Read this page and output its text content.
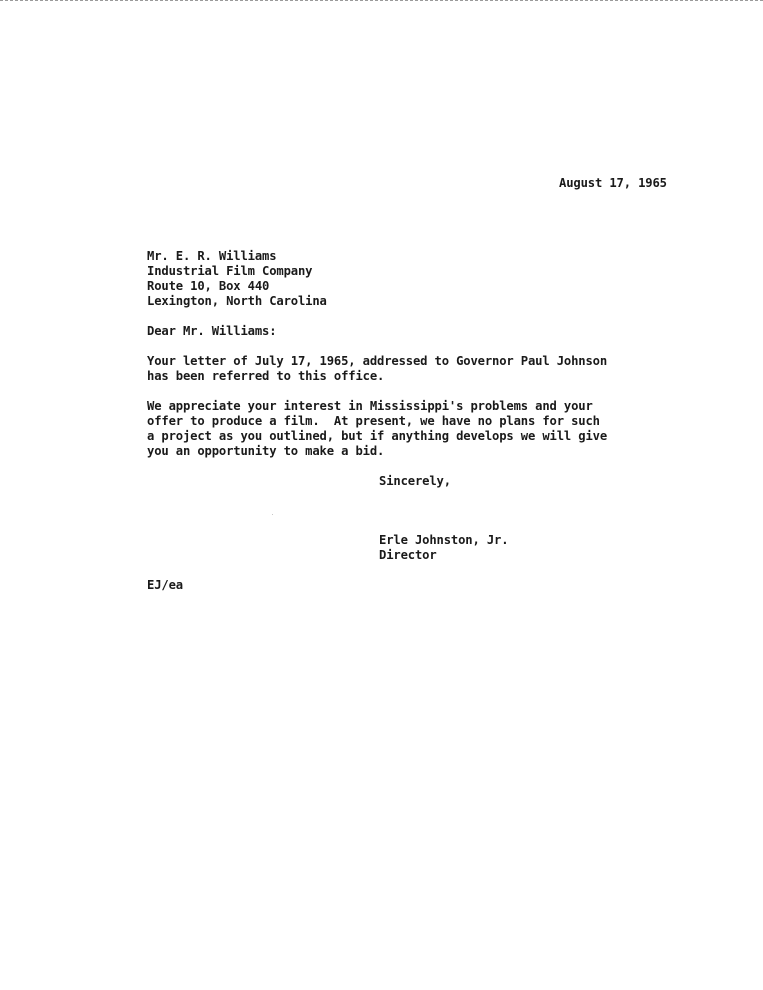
August 17, 1965
Mr. E. R. Williams
Industrial Film Company
Route 10, Box 440
Lexington, North Carolina
Dear Mr. Williams:
Your letter of July 17, 1965, addressed to Governor Paul Johnson
has been referred to this office.
We appreciate your interest in Mississippi's problems and your
offer to produce a film.  At present, we have no plans for such
a project as you outlined, but if anything develops we will give
you an opportunity to make a bid.
Sincerely,
Erle Johnston, Jr.
Director
EJ/ea
